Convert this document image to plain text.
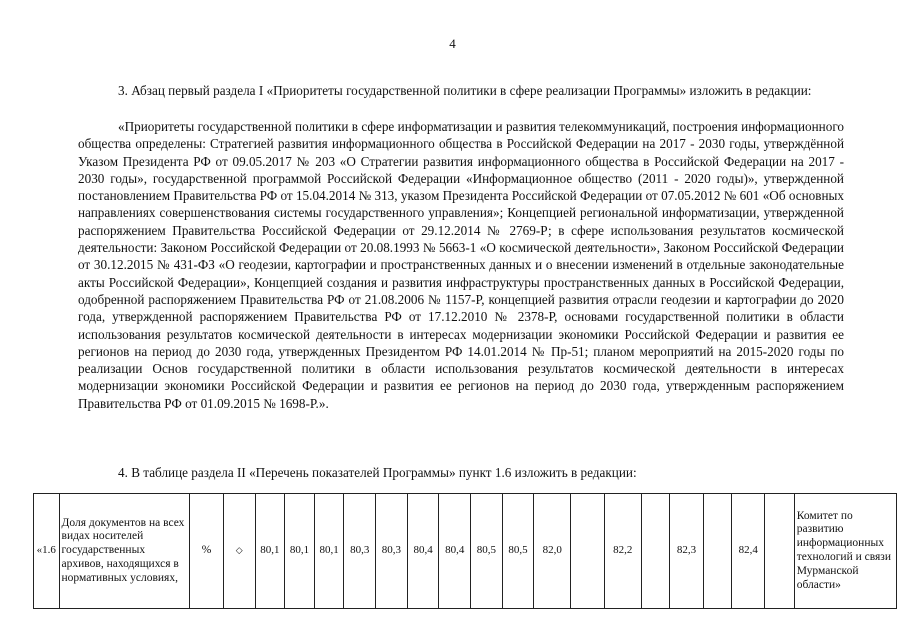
4

3. Абзац первый раздела I «Приоритеты государственной политики в сфере реализации Программы» изложить в редакции:

«Приоритеты государственной политики в сфере информатизации и развития телекоммуникаций, построения информационного общества определены: Стратегией развития информационного общества в Российской Федерации на 2017 - 2030 годы, утверждённой Указом Президента РФ от 09.05.2017 № 203 «О Стратегии развития информационного общества в Российской Федерации на 2017 - 2030 годы», государственной программой Российской Федерации «Информационное общество (2011 - 2020 годы)», утвержденной постановлением Правительства РФ от 15.04.2014 № 313, указом Президента Российской Федерации от 07.05.2012 № 601 «Об основных направлениях совершенствования системы государственного управления»; Концепцией региональной информатизации, утвержденной распоряжением Правительства Российской Федерации от 29.12.2014 № 2769-Р; в сфере использования результатов космической деятельности: Законом Российской Федерации от 20.08.1993 № 5663-1 «О космической деятельности», Законом Российской Федерации от 30.12.2015 № 431-ФЗ «О геодезии, картографии и пространственных данных и о внесении изменений в отдельные законодательные акты Российской Федерации», Концепцией создания и развития инфраструктуры пространственных данных в Российской Федерации, одобренной распоряжением Правительства РФ от 21.08.2006 № 1157-Р, концепцией развития отрасли геодезии и картографии до 2020 года, утвержденной распоряжением Правительства РФ от 17.12.2010 № 2378-Р, основами государственной политики в области использования результатов космической деятельности в интересах модернизации экономики Российской Федерации и развития ее регионов на период до 2030 года, утвержденных Президентом РФ 14.01.2014 № Пр-51; планом мероприятий на 2015-2020 годы по реализации Основ государственной политики в области использования результатов космической деятельности в интересах модернизации экономики Российской Федерации и развития ее регионов на период до 2030 года, утвержденным распоряжением Правительства РФ от 01.09.2015 № 1698-Р.».

4. В таблице раздела II «Перечень показателей Программы» пункт 1.6 изложить в редакции:

«1.6	Доля документов на всех видах носителей государственных архивов, находящихся в нормативных условиях,	%	◇	80,1	80,1	80,1	80,3	80,3	80,4	80,4	80,5	80,5	82,0		82,2		82,3		82,4		Комитет по развитию информационных технологий и связи Мурманской области»
